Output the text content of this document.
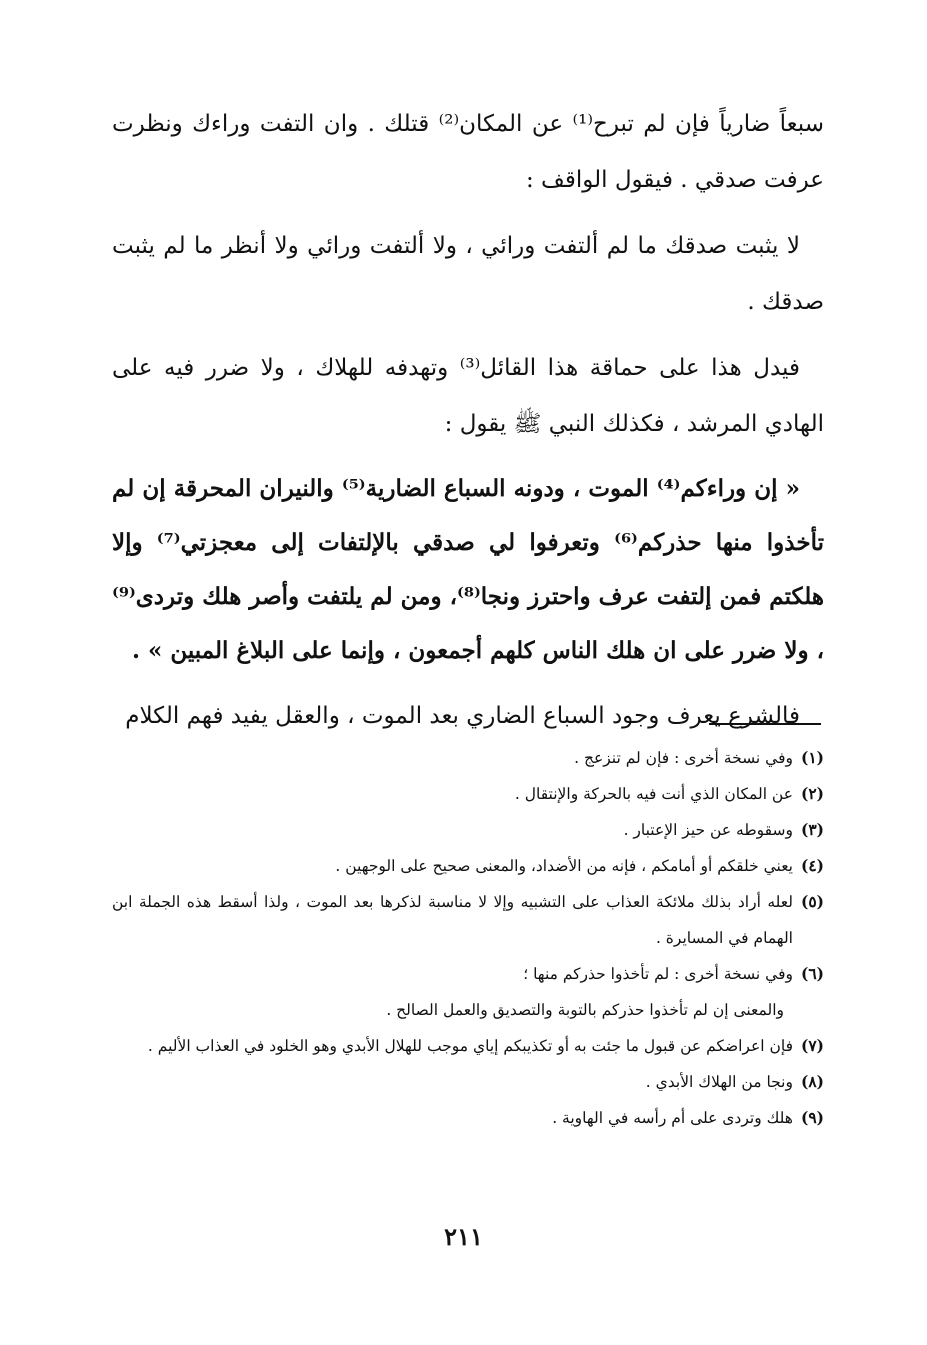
سبعاً ضارياً فإن لم تبرح⁽¹⁾ عن المكان⁽²⁾ قتلك . وان التفت وراءك ونظرت عرفت صدقي . فيقول الواقف :

لا يثبت صدقك ما لم ألتفت ورائي ، ولا ألتفت ورائي ولا أنظر ما لم يثبت صدقك .

فيدل هذا على حماقة هذا القائل⁽³⁾ وتهدفه للهلاك ، ولا ضرر فيه على الهادي المرشد ، فكذلك النبي ﷺ يقول :

« إن وراءكم⁽⁴⁾ الموت ، ودونه السباع الضارية⁽⁵⁾ والنيران المحرقة إن لم تأخذوا منها حذركم⁽⁶⁾ وتعرفوا لي صدقي بالإلتفات إلى معجزتي⁽⁷⁾ وإلا هلكتم فمن إلتفت عرف واحترز ونجا⁽⁸⁾، ومن لم يلتفت وأصر هلك وتردى⁽⁹⁾ ، ولا ضرر على ان هلك الناس كلهم أجمعون ، وإنما على البلاغ المبين » .

فالشرع يعرف وجود السباع الضاري بعد الموت ، والعقل يفيد فهم الكلام

(١)
وفي نسخة أخرى : فإن لم تنزعج .
(٢)
عن المكان الذي أنت فيه بالحركة والإنتقال .
(٣)
وسقوطه عن حيز الإعتبار .
(٤)
يعني خلقكم أو أمامكم ، فإنه من الأضداد، والمعنى صحيح على الوجهين .
(٥)
لعله أراد بذلك ملائكة العذاب على التشبيه وإلا لا مناسبة لذكرها بعد الموت ، ولذا أسقط هذه الجملة ابن الهمام في المسايرة .
(٦)
وفي نسخة أخرى : لم تأخذوا حذركم منها ؛
والمعنى إن لم تأخذوا حذركم بالتوبة والتصديق والعمل الصالح .
(٧)
فإن اعراضكم عن قبول ما جئت به أو تكذيبكم إياي موجب للهلال الأبدي وهو الخلود في العذاب الأليم .
(٨)
ونجا من الهلاك الأبدي .
(٩)
هلك وتردى على أم رأسه في الهاوية .
٢١١
